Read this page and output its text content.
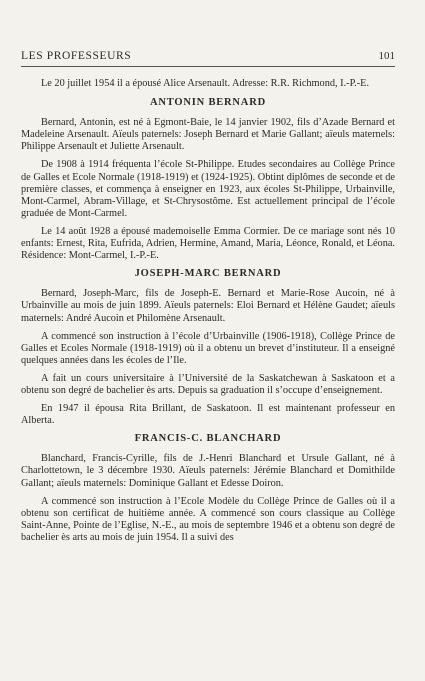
LES PROFESSEURS	101

Le 20 juillet 1954 il a épousé Alice Arsenault. Adresse: R.R. Richmond, I.-P.-E.

ANTONIN BERNARD

Bernard, Antonin, est né à Egmont-Baie, le 14 janvier 1902, fils d’Azade Bernard et Madeleine Arsenault. Aïeuls paternels: Joseph Bernard et Marie Gallant; aïeuls maternels: Philippe Arsenault et Juliette Arsenault.

De 1908 à 1914 fréquenta l’école St-Philippe. Etudes secondaires au Collège Prince de Galles et Ecole Normale (1918-1919) et (1924-1925). Obtint diplômes de seconde et de première classes, et commença à enseigner en 1923, aux écoles St-Philippe, Urbainville, Mont-Carmel, Abram-Village, et St-Chrysostôme. Est actuellement principal de l’école graduée de Mont-Carmel.

Le 14 août 1928 a épousé mademoiselle Emma Cormier. De ce mariage sont nés 10 enfants: Ernest, Rita, Eufrida, Adrien, Hermine, Amand, Maria, Léonce, Ronald, et Léona. Résidence: Mont-Carmel, I.-P.-E.

JOSEPH-MARC BERNARD

Bernard, Joseph-Marc, fils de Joseph-E. Bernard et Marie-Rose Aucoin, né à Urbainville au mois de juin 1899. Aïeuls paternels: Eloi Bernard et Hélène Gaudet; aïeuls maternels: André Aucoin et Philomène Arsenault.

A commencé son instruction à l’école d’Urbainville (1906-1918), Collège Prince de Galles et Ecoles Normale (1918-1919) où il a obtenu un brevet d’instituteur. Il a enseigné quelques années dans les écoles de l’Ile.

A fait un cours universitaire à l’Université de la Saskatchewan à Saskatoon et a obtenu son degré de bachelier ès arts. Depuis sa graduation il s’occupe d’enseignement.

En 1947 il épousa Rita Brillant, de Saskatoon. Il est maintenant professeur en Alberta.

FRANCIS-C. BLANCHARD

Blanchard, Francis-Cyrille, fils de J.-Henri Blanchard et Ursule Gallant, né à Charlottetown, le 3 décembre 1930. Aïeuls paternels: Jérémie Blanchard et Domithilde Gallant; aïeuls maternels: Dominique Gallant et Edesse Doiron.

A commencé son instruction à l’Ecole Modèle du Collège Prince de Galles où il a obtenu son certificat de huitième année. A commencé son cours classique au Collège Saint-Anne, Pointe de l’Eglise, N.-E., au mois de septembre 1946 et a obtenu son degré de bachelier ès arts au mois de juin 1954. Il a suivi des
